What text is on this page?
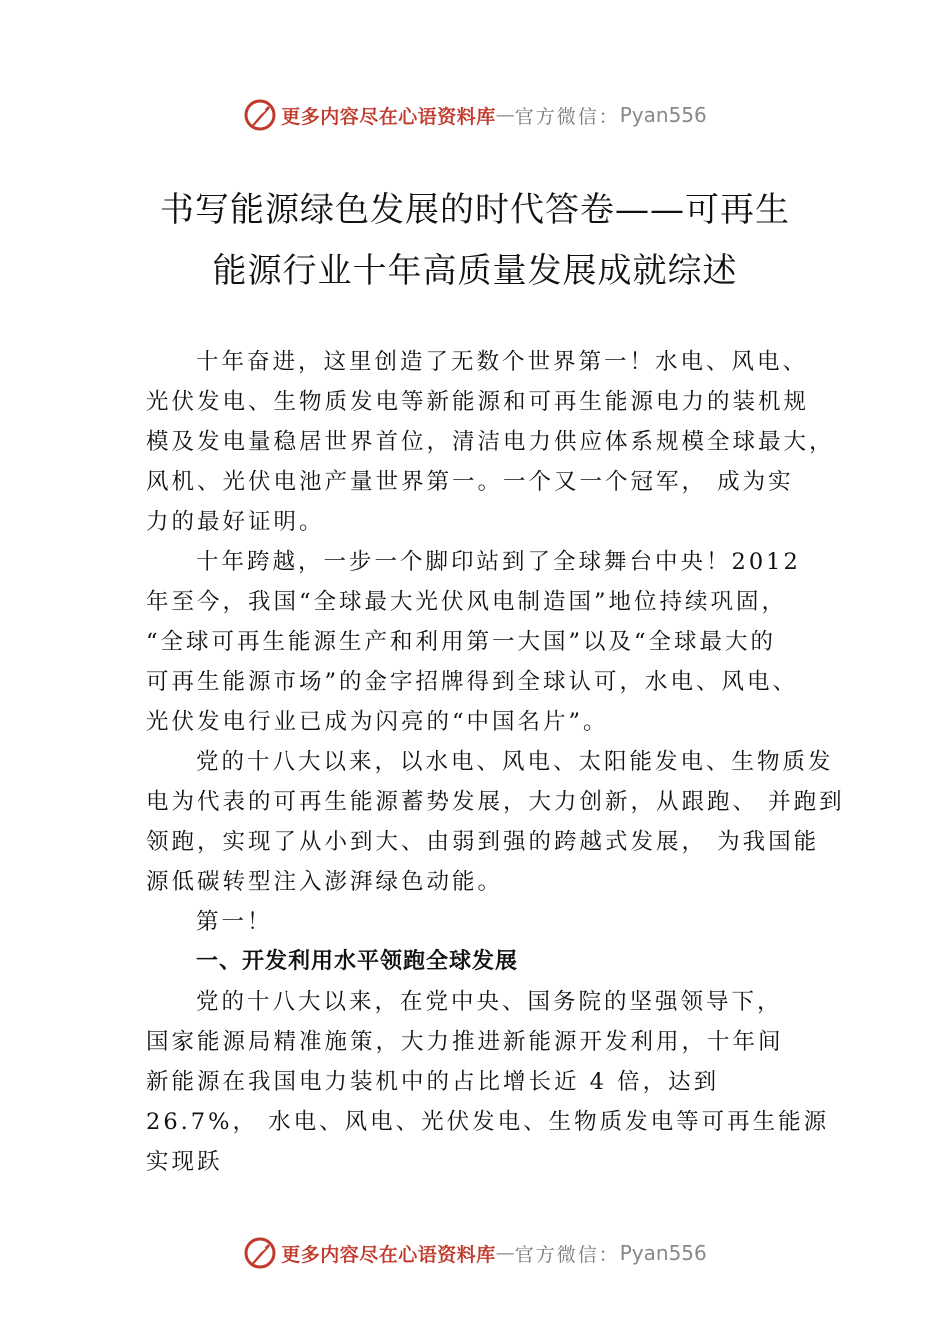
更多内容尽在心语资料库 — 官方微信： Pyan556
书写能源绿色发展的时代答卷——可再生
能源行业十年高质量发展成就综述

十年奋进，这里创造了无数个世界第一！水电、风电、

光伏发电、生物质发电等新能源和可再生能源电力的装机规

模及发电量稳居世界首位，清洁电力供应体系规模全球最大，

风机、光伏电池产量世界第一。一个又一个冠军， 成为实

力的最好证明。

十年跨越，一步一个脚印站到了全球舞台中央！2012

年至今，我国“全球最大光伏风电制造国”地位持续巩固，

“全球可再生能源生产和利用第一大国”以及“全球最大的

可再生能源市场”的金字招牌得到全球认可，水电、风电、

光伏发电行业已成为闪亮的“中国名片”。

党的十八大以来，以水电、风电、太阳能发电、生物质发

电为代表的可再生能源蓄势发展，大力创新，从跟跑、 并跑到

领跑，实现了从小到大、由弱到强的跨越式发展， 为我国能

源低碳转型注入澎湃绿色动能。

第一！

一、开发利用水平领跑全球发展

党的十八大以来，在党中央、国务院的坚强领导下，

国家能源局精准施策，大力推进新能源开发利用，十年间

新能源在我国电力装机中的占比增长近 4 倍，达到

26.7%， 水电、风电、光伏发电、生物质发电等可再生能源

实现跃

更多内容尽在心语资料库 — 官方微信： Pyan556
